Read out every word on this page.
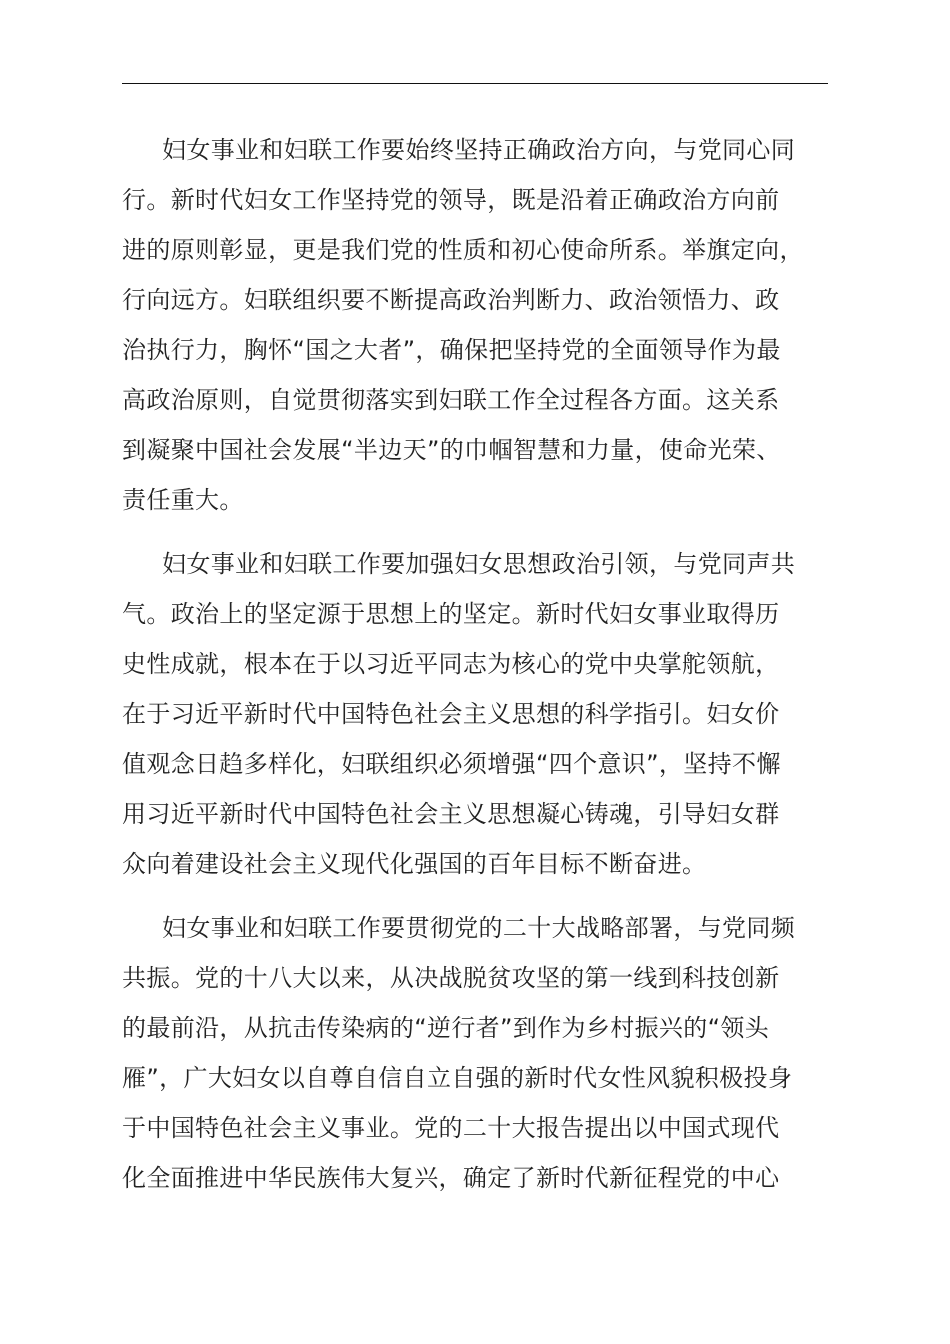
妇女事业和妇联工作要始终坚持正确政治方向，与党同心同
行。新时代妇女工作坚持党的领导，既是沿着正确政治方向前
进的原则彰显，更是我们党的性质和初心使命所系。举旗定向，
行向远方。妇联组织要不断提高政治判断力、政治领悟力、政
治执行力，胸怀“国之大者”，确保把坚持党的全面领导作为最
高政治原则，自觉贯彻落实到妇联工作全过程各方面。这关系
到凝聚中国社会发展“半边天”的巾帼智慧和力量，使命光荣、
责任重大。

妇女事业和妇联工作要加强妇女思想政治引领，与党同声共
气。政治上的坚定源于思想上的坚定。新时代妇女事业取得历
史性成就，根本在于以习近平同志为核心的党中央掌舵领航，
在于习近平新时代中国特色社会主义思想的科学指引。妇女价
值观念日趋多样化，妇联组织必须增强“四个意识”，坚持不懈
用习近平新时代中国特色社会主义思想凝心铸魂，引导妇女群
众向着建设社会主义现代化强国的百年目标不断奋进。

妇女事业和妇联工作要贯彻党的二十大战略部署，与党同频
共振。党的十八大以来，从决战脱贫攻坚的第一线到科技创新
的最前沿，从抗击传染病的“逆行者”到作为乡村振兴的“领头
雁”，广大妇女以自尊自信自立自强的新时代女性风貌积极投身
于中国特色社会主义事业。党的二十大报告提出以中国式现代
化全面推进中华民族伟大复兴，确定了新时代新征程党的中心
